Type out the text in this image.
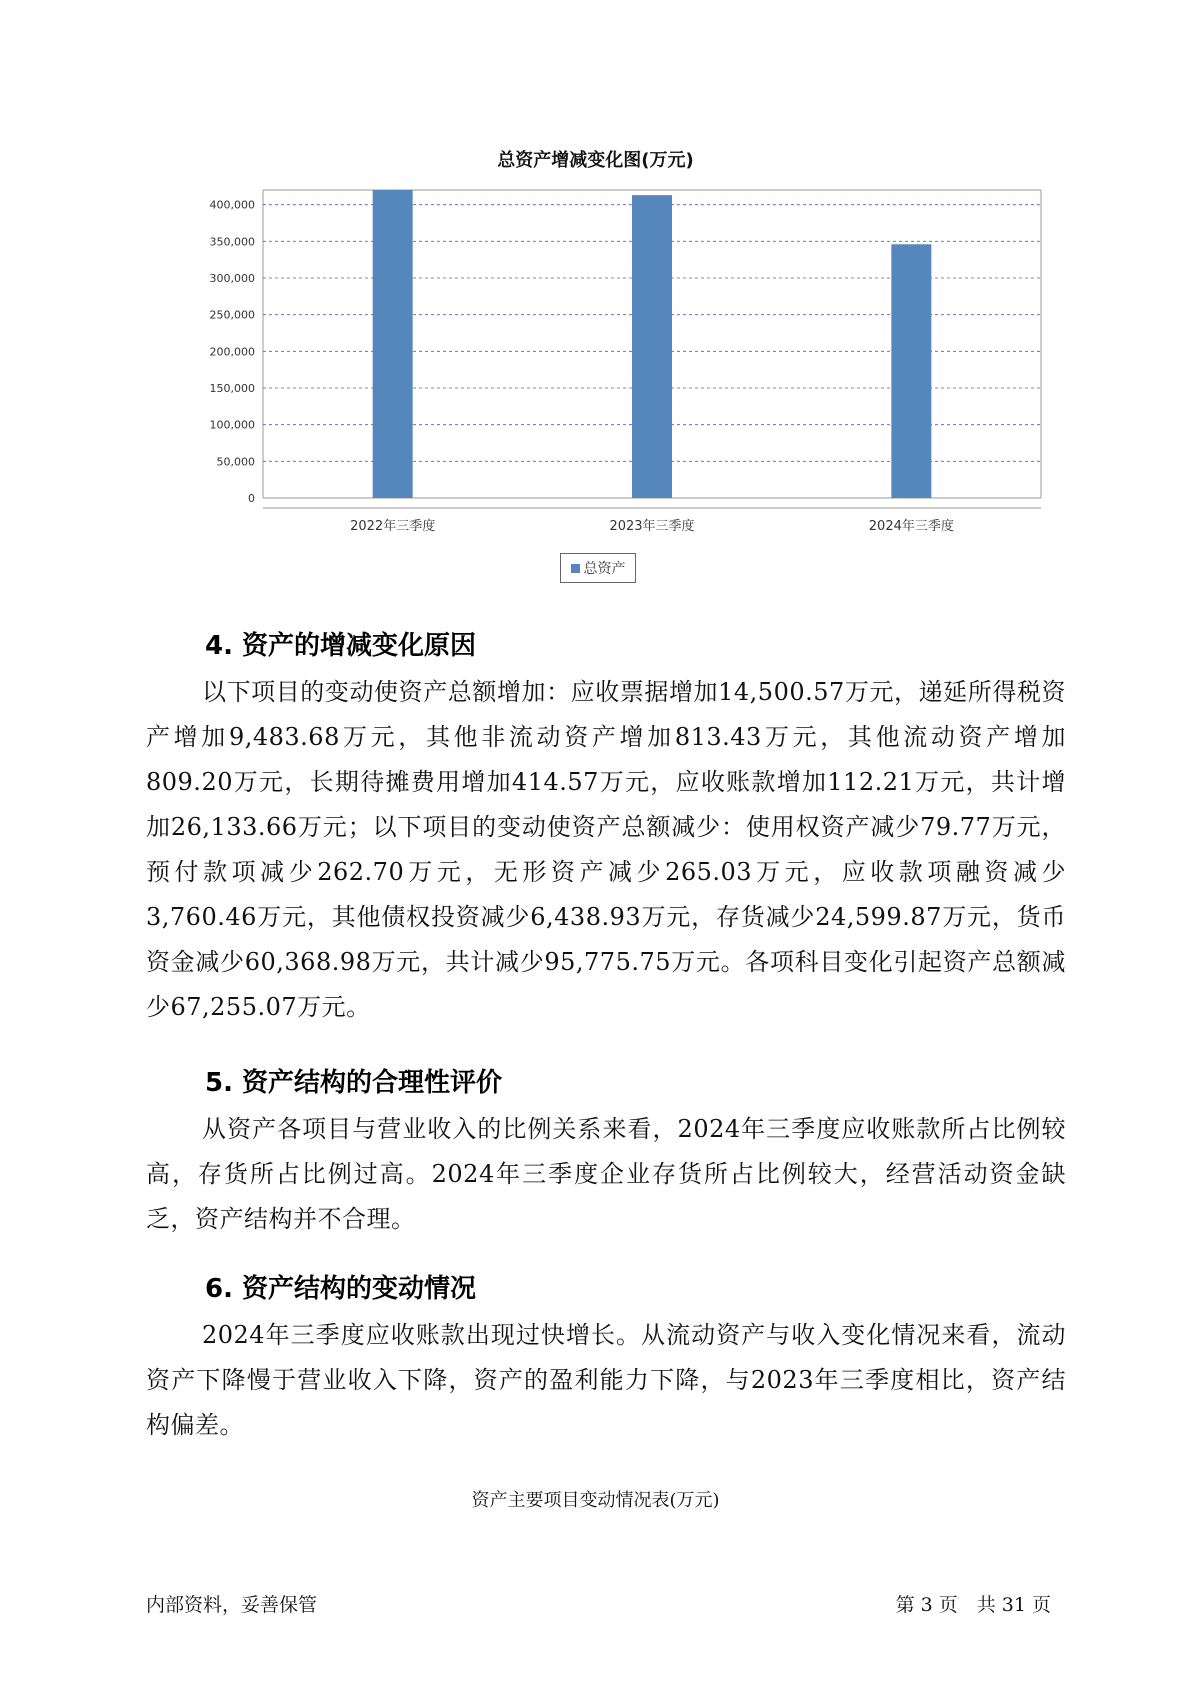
总资产增减变化图(万元)
0
50,000
100,000
150,000
200,000
250,000
300,000
350,000
400,000
2022年三季度	2023年三季度	2024年三季度
总资产
4. 资产的增减变化原因
以下项目的变动使资产总额增加：应收票据增加14,500.57万元，递延所得税资产增加9,483.68万元，其他非流动资产增加813.43万元，其他流动资产增加809.20万元，长期待摊费用增加414.57万元，应收账款增加112.21万元，共计增加26,133.66万元；以下项目的变动使资产总额减少：使用权资产减少79.77万元，预付款项减少262.70万元，无形资产减少265.03万元，应收款项融资减少3,760.46万元，其他债权投资减少6,438.93万元，存货减少24,599.87万元，货币资金减少60,368.98万元，共计减少95,775.75万元。各项科目变化引起资产总额减少67,255.07万元。
5. 资产结构的合理性评价
从资产各项目与营业收入的比例关系来看，2024年三季度应收账款所占比例较高，存货所占比例过高。2024年三季度企业存货所占比例较大，经营活动资金缺乏，资产结构并不合理。
6. 资产结构的变动情况
2024年三季度应收账款出现过快增长。从流动资产与收入变化情况来看，流动资产下降慢于营业收入下降，资产的盈利能力下降，与2023年三季度相比，资产结构偏差。
资产主要项目变动情况表(万元)
内部资料，妥善保管	第 3 页　共 31 页
